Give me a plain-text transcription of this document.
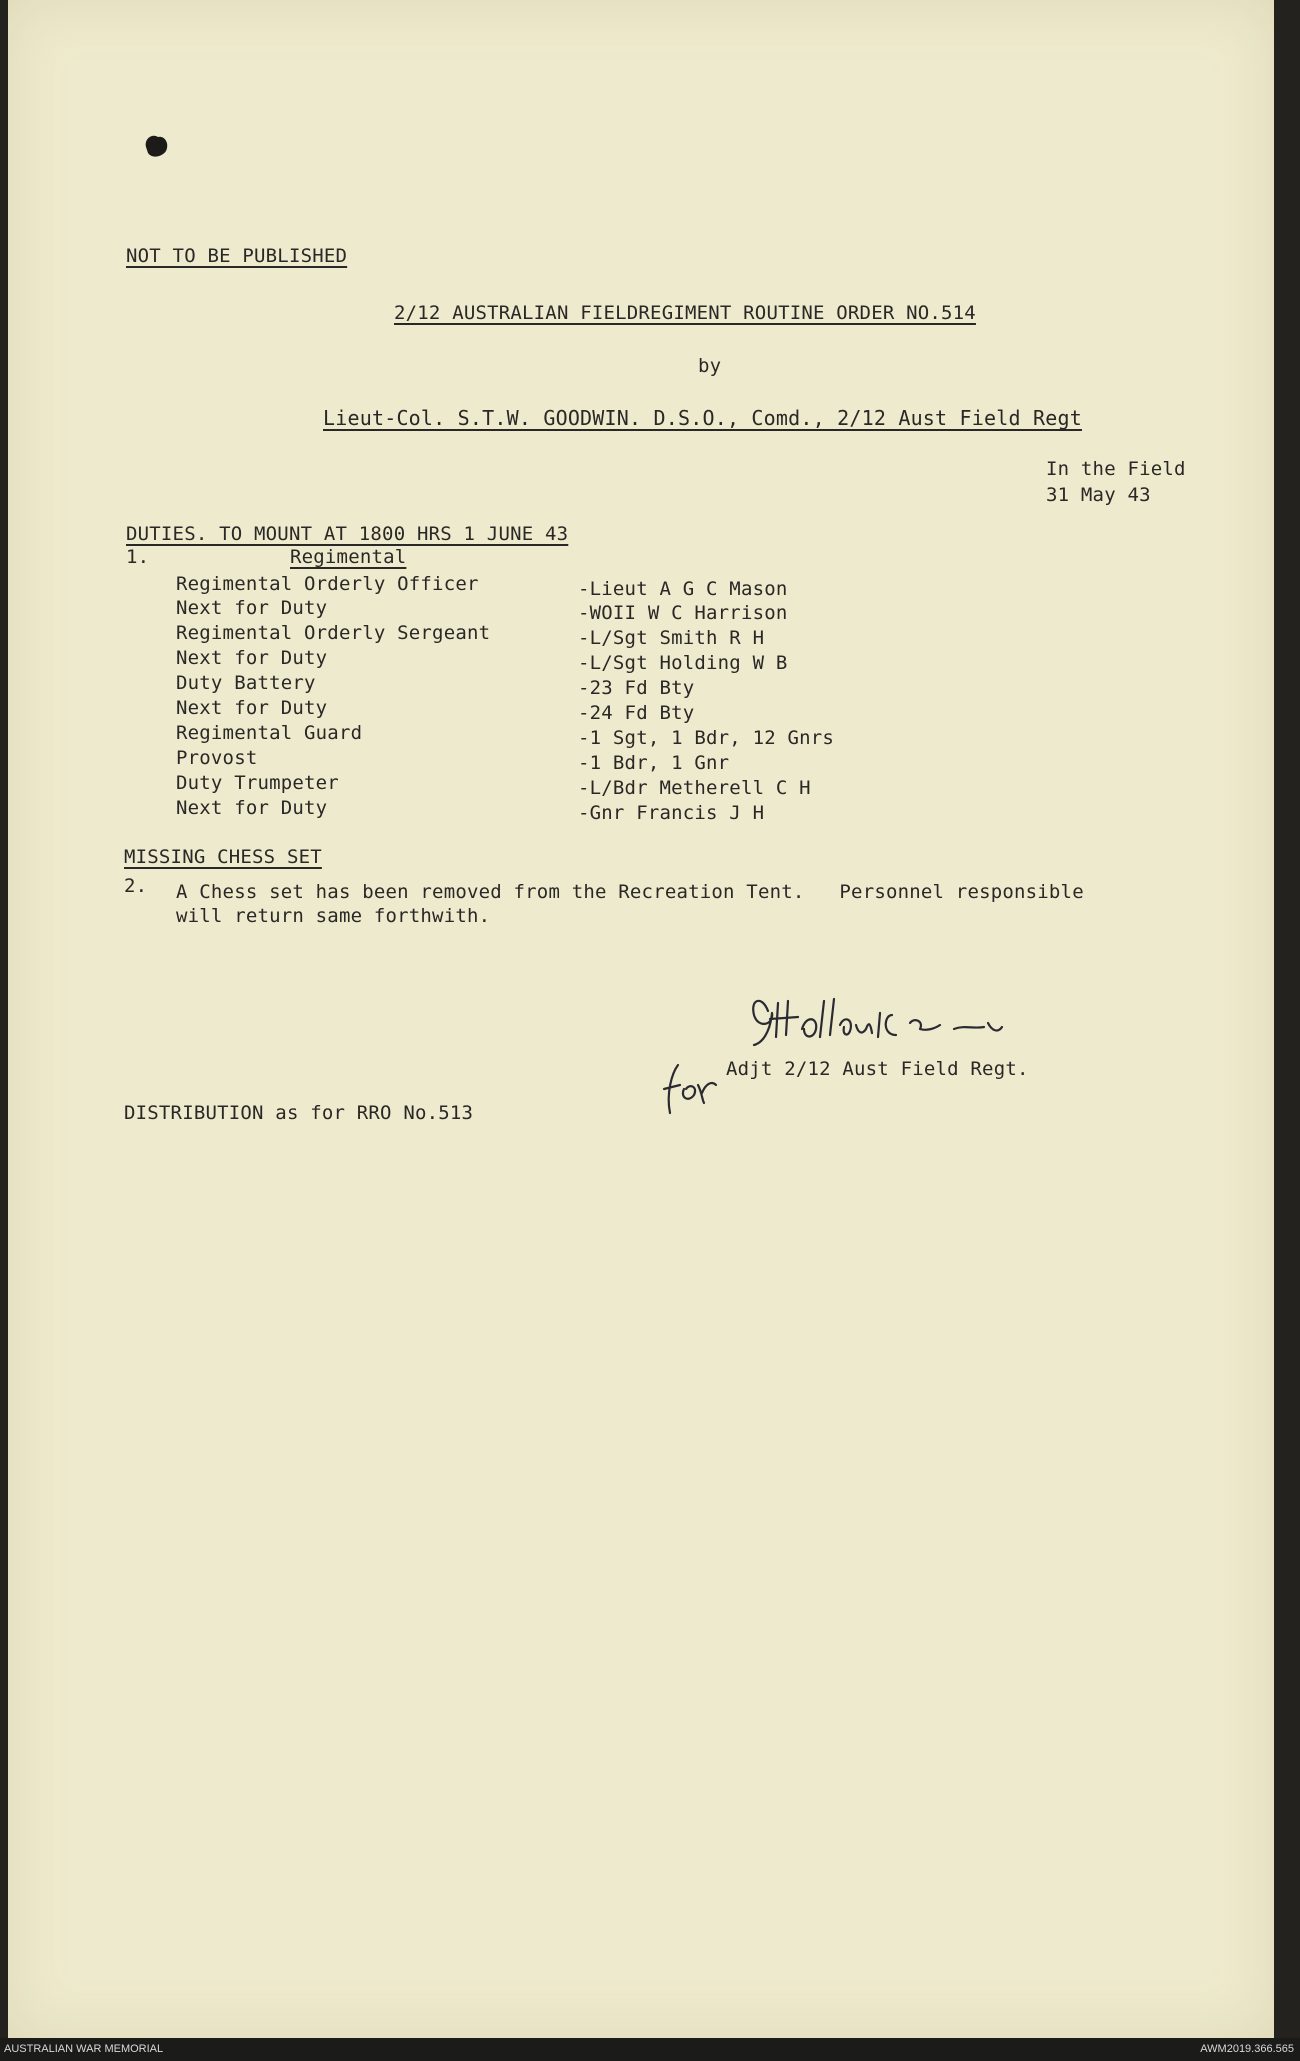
NOT TO BE PUBLISHED
2/12 AUSTRALIAN FIELDREGIMENT ROUTINE ORDER NO.514
by
Lieut-Col. S.T.W. GOODWIN. D.S.O., Comd., 2/12 Aust Field Regt
In the Field
31 May 43
DUTIES. TO MOUNT AT 1800 HRS 1 JUNE 43
1.	Regimental
Regimental Orderly Officer	-Lieut A G C Mason
Next for Duty	-WOII W C Harrison
Regimental Orderly Sergeant	-L/Sgt Smith R H
Next for Duty	-L/Sgt Holding W B
Duty Battery	-23 Fd Bty
Next for Duty	-24 Fd Bty
Regimental Guard	-1 Sgt, 1 Bdr, 12 Gnrs
Provost	-1 Bdr, 1 Gnr
Duty Trumpeter	-L/Bdr Metherell C H
Next for Duty	-Gnr Francis J H
MISSING CHESS SET
2. A Chess set has been removed from the Recreation Tent.   Personnel responsible
will return same forthwith.
Adjt 2/12 Aust Field Regt.
DISTRIBUTION as for RRO No.513
AUSTRALIAN WAR MEMORIAL	AWM2019.366.565
